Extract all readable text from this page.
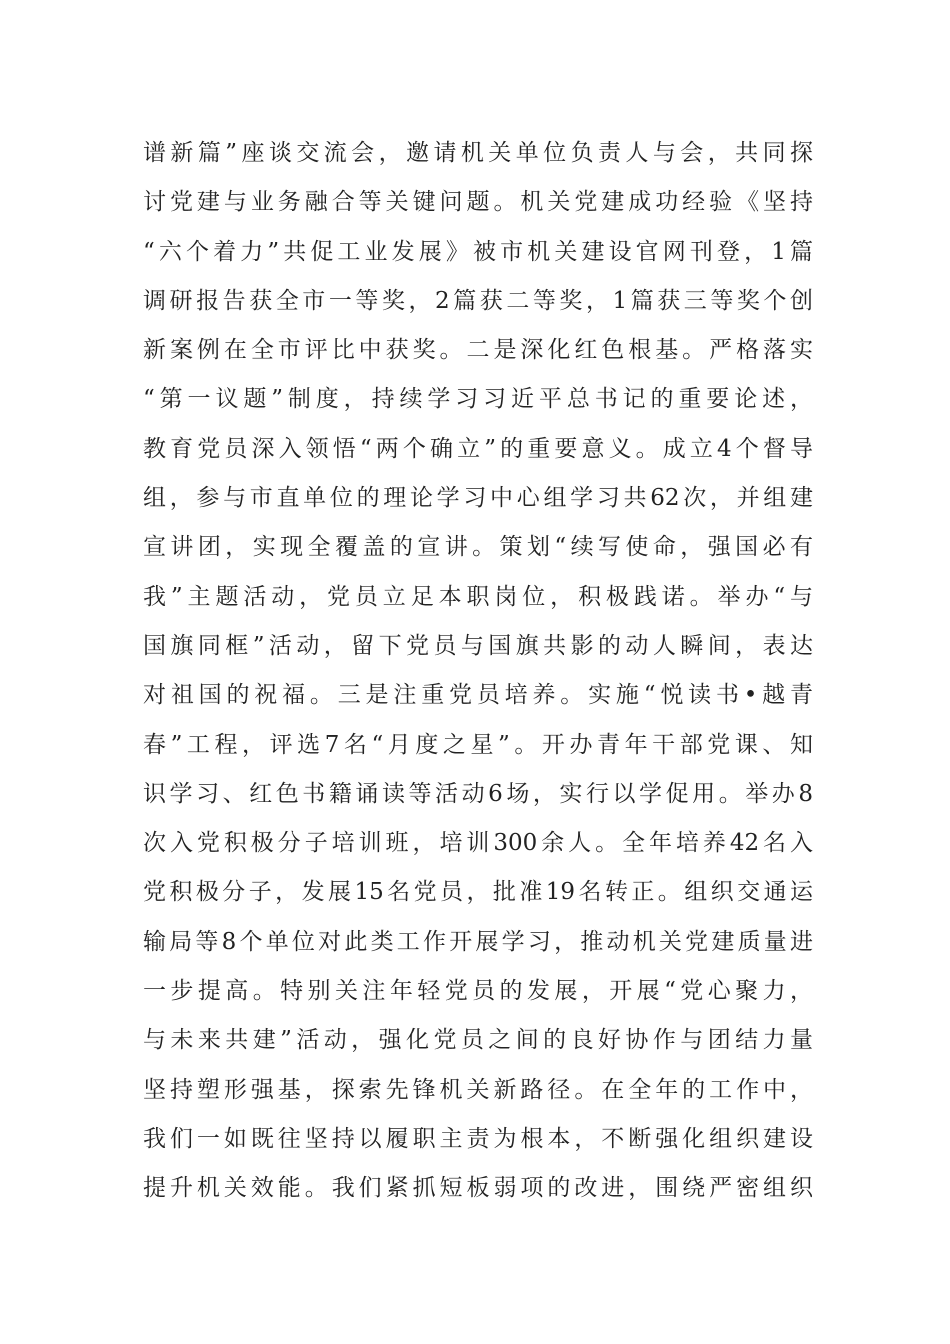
谱新篇”座谈交流会，邀请机关单位负责人与会，共同探
讨党建与业务融合等关键问题。机关党建成功经验《坚持
“六个着力”共促工业发展》被市机关建设官网刊登，1篇
调研报告获全市一等奖，2篇获二等奖，1篇获三等奖个创
新案例在全市评比中获奖。二是深化红色根基。严格落实
“第一议题”制度，持续学习习近平总书记的重要论述，
教育党员深入领悟“两个确立”的重要意义。成立4个督导
组，参与市直单位的理论学习中心组学习共62次，并组建
宣讲团，实现全覆盖的宣讲。策划“续写使命，强国必有
我”主题活动，党员立足本职岗位，积极践诺。举办“与
国旗同框”活动，留下党员与国旗共影的动人瞬间，表达
对祖国的祝福。三是注重党员培养。实施“悦读书•越青
春”工程，评选7名“月度之星”。开办青年干部党课、知
识学习、红色书籍诵读等活动6场，实行以学促用。举办8
次入党积极分子培训班，培训300余人。全年培养42名入
党积极分子，发展15名党员，批准19名转正。组织交通运
输局等8个单位对此类工作开展学习，推动机关党建质量进
一步提高。特别关注年轻党员的发展，开展“党心聚力，
与未来共建”活动，强化党员之间的良好协作与团结力量
坚持塑形强基，探索先锋机关新路径。在全年的工作中，
我们一如既往坚持以履职主责为根本，不断强化组织建设
提升机关效能。我们紧抓短板弱项的改进，围绕严密组织
